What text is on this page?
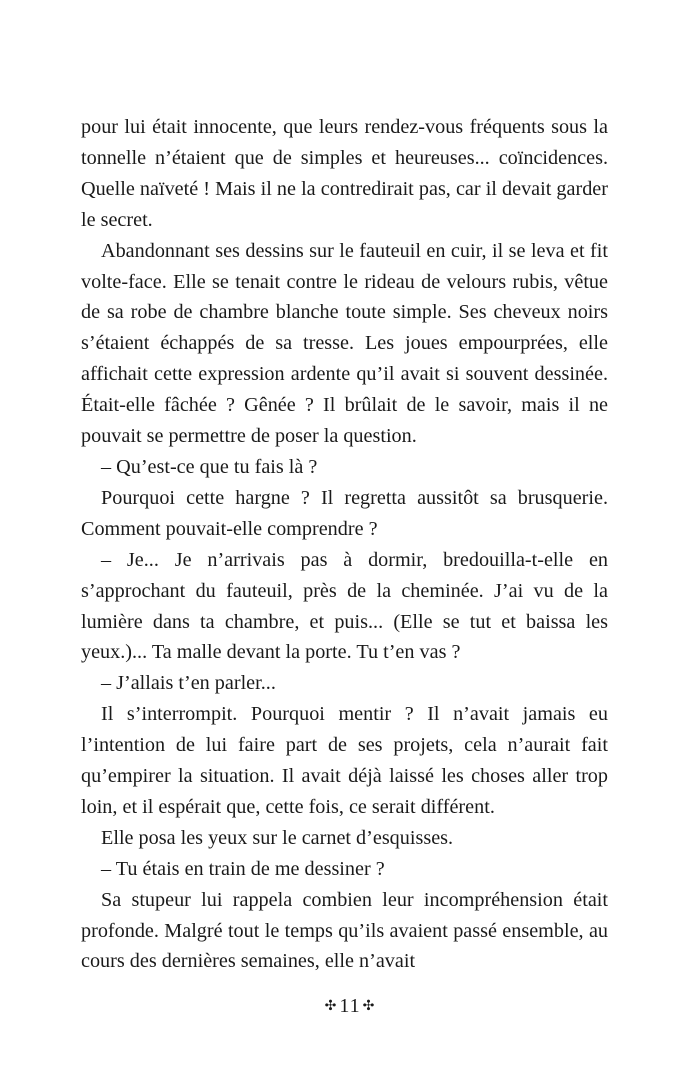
pour lui était innocente, que leurs rendez-vous fréquents sous la tonnelle n’étaient que de simples et heureuses... coïncidences. Quelle naïveté ! Mais il ne la contredirait pas, car il devait garder le secret.

Abandonnant ses dessins sur le fauteuil en cuir, il se leva et fit volte-face. Elle se tenait contre le rideau de velours rubis, vêtue de sa robe de chambre blanche toute simple. Ses cheveux noirs s’étaient échappés de sa tresse. Les joues empourprées, elle affichait cette expression ardente qu’il avait si souvent dessinée. Était-elle fâchée ? Gênée ? Il brûlait de le savoir, mais il ne pouvait se permettre de poser la question.

– Qu’est-ce que tu fais là ?

Pourquoi cette hargne ? Il regretta aussitôt sa brusquerie. Comment pouvait-elle comprendre ?

– Je... Je n’arrivais pas à dormir, bredouilla-t-elle en s’approchant du fauteuil, près de la cheminée. J’ai vu de la lumière dans ta chambre, et puis... (Elle se tut et baissa les yeux.)... Ta malle devant la porte. Tu t’en vas ?

– J’allais t’en parler...

Il s’interrompit. Pourquoi mentir ? Il n’avait jamais eu l’intention de lui faire part de ses projets, cela n’aurait fait qu’empirer la situation. Il avait déjà laissé les choses aller trop loin, et il espérait que, cette fois, ce serait différent.

Elle posa les yeux sur le carnet d’esquisses.

– Tu étais en train de me dessiner ?

Sa stupeur lui rappela combien leur incompréhension était profonde. Malgré tout le temps qu’ils avaient passé ensemble, au cours des dernières semaines, elle n’avait

✣ 11 ✣
